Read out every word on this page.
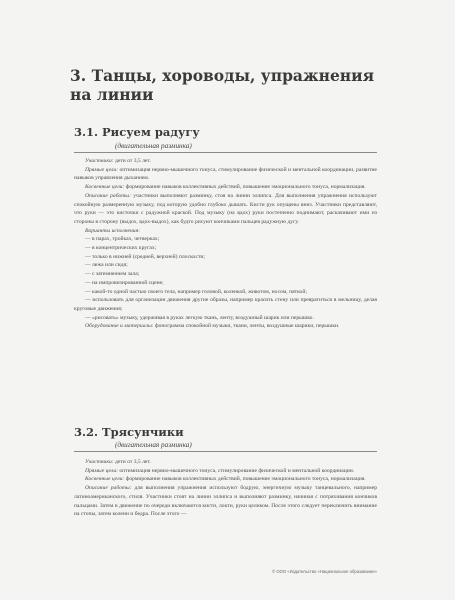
3. Танцы, хороводы, упражнения
на линии
3.1. Рисуем радугу
(двигательная разминка)

Участники: дети от 3,5 лет.

Прямые цели: оптимизация нервно-мышечного тонуса, стимулирование физической и ментальной координации, развитие навыков управления дыханием.

Косвенные цели: формирование навыков коллективных действий, повышение эмоционального тонуса, нормализация.

Описание работы: участники выполняют разминку, стоя на линии эллипса. Для выполнения упражнения используют спокойную размеренную музыку, под которую удобно глубоко дышать. Кисти рук опущены вниз. Участники представляют, что руки — это кисточки с радужной краской. Под музыку (на вдох) руки постепенно поднимают, раскачивают ими из стороны в сторону (выдох, вдох-выдох), как будто рисуют кончиками пальцев радужную дугу.

Варианты исполнения:

— в парах, тройках, четверках;

— в концентрических кругах;

— только в нижней (средней, верхней) плоскости;

— лежа или сидя;

— с затемнением зала;

— на импровизированной сцене;

— какой-то одной частью своего тела, например головой, коленкой, животом, носом, пяткой;

— использовать для организации движения другие образы, например красить стену или превратиться в мельницу, делая круговые движения;

— «рисовать» музыку, удерживая в руках легкую ткань, ленту, воздушный шарик или перышко.

Оборудование и материалы: фонограмма спокойной музыки, ткани, ленты, воздушные шарики, перышки.

3.2. Трясунчики
(двигательная разминка)

Участники: дети от 3,5 лет.

Прямые цели: оптимизация нервно-мышечного тонуса, стимулирование физической и ментальной координации.

Косвенные цели: формирование навыков коллективных действий, повышение эмоционального тонуса, нормализация.

Описание работы: для выполнения упражнения используют бодрую, энергичную музыку танцевального, например латиноамериканского, стиля. Участники стоят на линии эллипса и выполняют разминку, начиная с потряхивания кончиков пальцами. Затем в движение по очереди включаются кисти, локти, руки целиком. После этого следует переключить внимание на стопы, затем колени и бедра. После этого —

© ООО «Издательство «Национальное образование»
